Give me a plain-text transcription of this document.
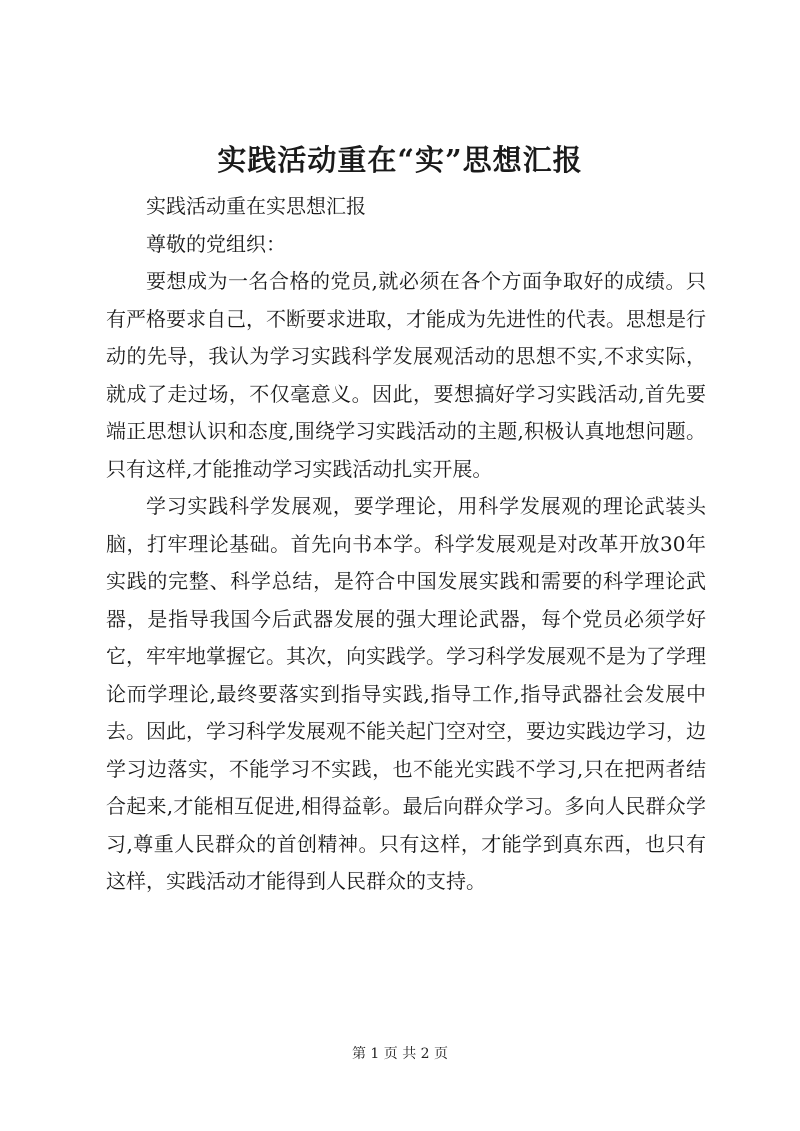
实践活动重在“实”思想汇报

实践活动重在实思想汇报

尊敬的党组织：

要想成为一名合格的党员,就必须在各个方面争取好的成绩。只有严格要求自己，不断要求进取，才能成为先进性的代表。思想是行动的先导，我认为学习实践科学发展观活动的思想不实,不求实际，就成了走过场，不仅毫意义。因此，要想搞好学习实践活动,首先要端正思想认识和态度,围绕学习实践活动的主题,积极认真地想问题。只有这样,才能推动学习实践活动扎实开展。

学习实践科学发展观，要学理论，用科学发展观的理论武装头脑，打牢理论基础。首先向书本学。科学发展观是对改革开放30年实践的完整、科学总结，是符合中国发展实践和需要的科学理论武器，是指导我国今后武器发展的强大理论武器，每个党员必须学好它，牢牢地掌握它。其次，向实践学。学习科学发展观不是为了学理论而学理论,最终要落实到指导实践,指导工作,指导武器社会发展中去。因此，学习科学发展观不能关起门空对空，要边实践边学习，边学习边落实，不能学习不实践，也不能光实践不学习,只在把两者结合起来,才能相互促进,相得益彰。最后向群众学习。多向人民群众学习,尊重人民群众的首创精神。只有这样，才能学到真东西，也只有这样，实践活动才能得到人民群众的支持。

第 1 页 共 2 页
